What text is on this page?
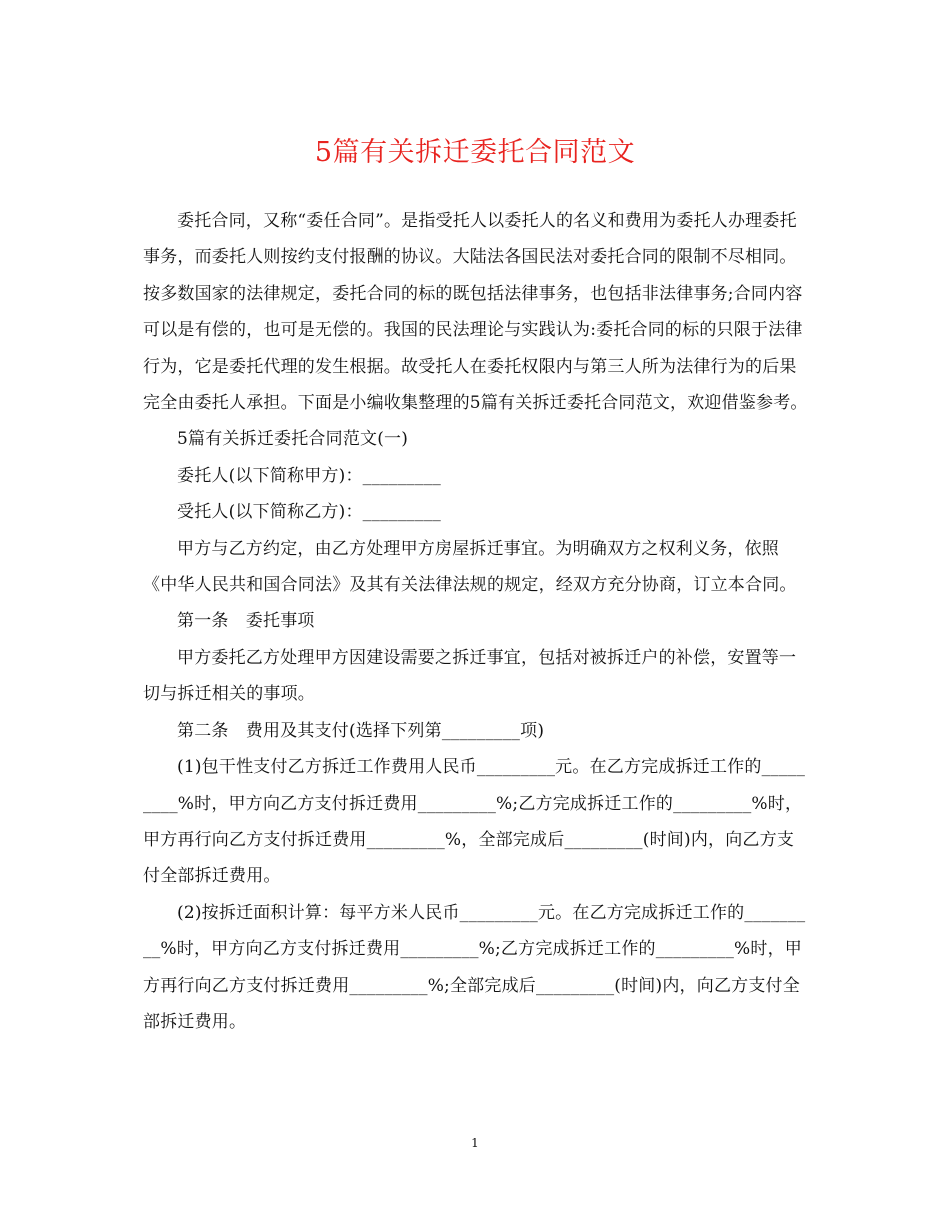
5篇有关拆迁委托合同范文

委托合同，又称“委任合同”。是指受托人以委托人的名义和费用为委托人办理委托事务，而委托人则按约支付报酬的协议。大陆法各国民法对委托合同的限制不尽相同。按多数国家的法律规定，委托合同的标的既包括法律事务，也包括非法律事务;合同内容可以是有偿的，也可是无偿的。我国的民法理论与实践认为:委托合同的标的只限于法律行为，它是委托代理的发生根据。故受托人在委托权限内与第三人所为法律行为的后果完全由委托人承担。下面是小编收集整理的5篇有关拆迁委托合同范文，欢迎借鉴参考。

5篇有关拆迁委托合同范文(一)

委托人(以下简称甲方)：_________

受托人(以下简称乙方)：_________

甲方与乙方约定，由乙方处理甲方房屋拆迁事宜。为明确双方之权利义务，依照《中华人民共和国合同法》及其有关法律法规的规定，经双方充分协商，订立本合同。

第一条　委托事项

甲方委托乙方处理甲方因建设需要之拆迁事宜，包括对被拆迁户的补偿，安置等一切与拆迁相关的事项。

第二条　费用及其支付(选择下列第_________项)

(1)包干性支付乙方拆迁工作费用人民币_________元。在乙方完成拆迁工作的_________%时，甲方向乙方支付拆迁费用_________%;乙方完成拆迁工作的_________%时，甲方再行向乙方支付拆迁费用_________%，全部完成后_________(时间)内，向乙方支付全部拆迁费用。

(2)按拆迁面积计算：每平方米人民币_________元。在乙方完成拆迁工作的_________%时，甲方向乙方支付拆迁费用_________%;乙方完成拆迁工作的_________%时，甲方再行向乙方支付拆迁费用_________%;全部完成后_________(时间)内，向乙方支付全部拆迁费用。

1
